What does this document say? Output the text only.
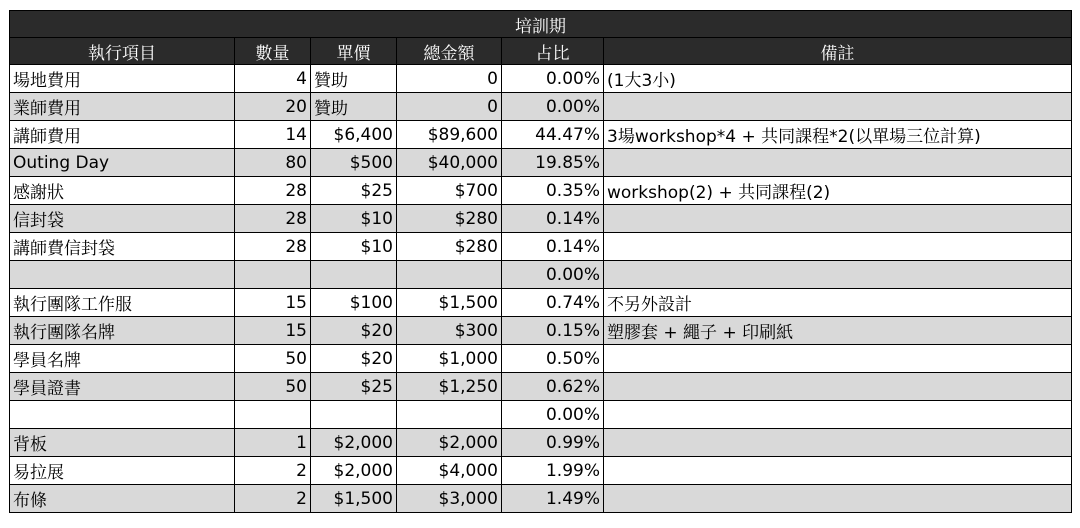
培訓期					
執行項目	數量	單價	總金額	占比	備註
場地費用	4	贊助	0	0.00%	(1大3小)
業師費用	20	贊助	0	0.00%	
講師費用	14	$6,400	$89,600	44.47%	3場workshop*4 + 共同課程*2(以單場三位計算)
Outing Day	80	$500	$40,000	19.85%	
感謝狀	28	$25	$700	0.35%	workshop(2) + 共同課程(2)
信封袋	28	$10	$280	0.14%	
講師費信封袋	28	$10	$280	0.14%	
				0.00%	
執行團隊工作服	15	$100	$1,500	0.74%	不另外設計
執行團隊名牌	15	$20	$300	0.15%	塑膠套 + 繩子 + 印刷紙
學員名牌	50	$20	$1,000	0.50%	
學員證書	50	$25	$1,250	0.62%	
				0.00%	
背板	1	$2,000	$2,000	0.99%	
易拉展	2	$2,000	$4,000	1.99%	
布條	2	$1,500	$3,000	1.49%	
